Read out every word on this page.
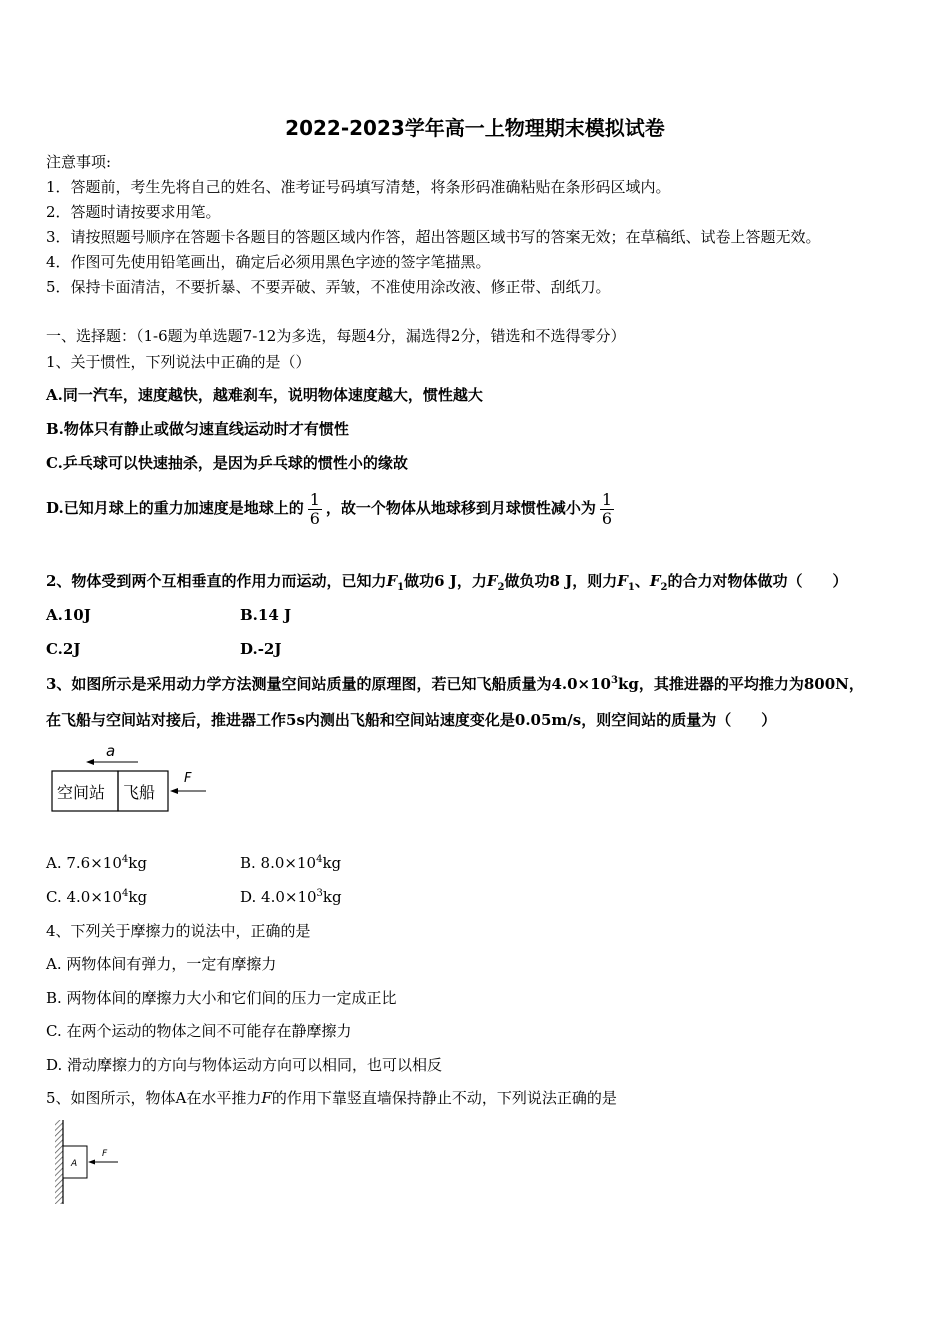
2022-2023学年高一上物理期末模拟试卷
注意事项:
1．答题前，考生先将自己的姓名、准考证号码填写清楚，将条形码准确粘贴在条形码区域内。
2．答题时请按要求用笔。
3．请按照题号顺序在答题卡各题目的答题区域内作答，超出答题区域书写的答案无效；在草稿纸、试卷上答题无效。
4．作图可先使用铅笔画出，确定后必须用黑色字迹的签字笔描黑。
5．保持卡面清洁，不要折暴、不要弄破、弄皱，不准使用涂改液、修正带、刮纸刀。
一、选择题：（1-6题为单选题7-12为多选，每题4分，漏选得2分，错选和不选得零分）
1、关于惯性，下列说法中正确的是（）
A.同一汽车，速度越快，越难刹车，说明物体速度越大，惯性越大
B.物体只有静止或做匀速直线运动时才有惯性
C.乒乓球可以快速抽杀，是因为乒乓球的惯性小的缘故
D.已知月球上的重力加速度是地球上的 $\frac{1}{6}$ ，故一个物体从地球移到月球惯性减小为 $\frac{1}{6}$
2、物体受到两个互相垂直的作用力而运动，已知力$F_1$做功6 J，力$F_2$做负功8 J，则力$F_1$、$F_2$的合力对物体做功（　　）
A.10J	B.14 J
C.2J	D.-2J
3、如图所示是采用动力学方法测量空间站质量的原理图，若已知飞船质量为$4.0\times 10^3kg$，其推进器的平均推力为800N，
在飞船与空间站对接后，推进器工作5s内测出飞船和空间站速度变化是0.05m/s，则空间站的质量为（　　）
a
空间站 飞船
F
A. $7.6\times 10^4kg$	B. $8.0\times 10^4kg$
C. $4.0\times 10^4kg$	D. $4.0\times 10^3kg$
4、下列关于摩擦力的说法中，正确的是
A. 两物体间有弹力，一定有摩擦力
B. 两物体间的摩擦力大小和它们间的压力一定成正比
C. 在两个运动的物体之间不可能存在静摩擦力
D. 滑动摩擦力的方向与物体运动方向可以相同，也可以相反
5、如图所示，物体A在水平推力F的作用下靠竖直墙保持静止不动，下列说法正确的是
A
F
